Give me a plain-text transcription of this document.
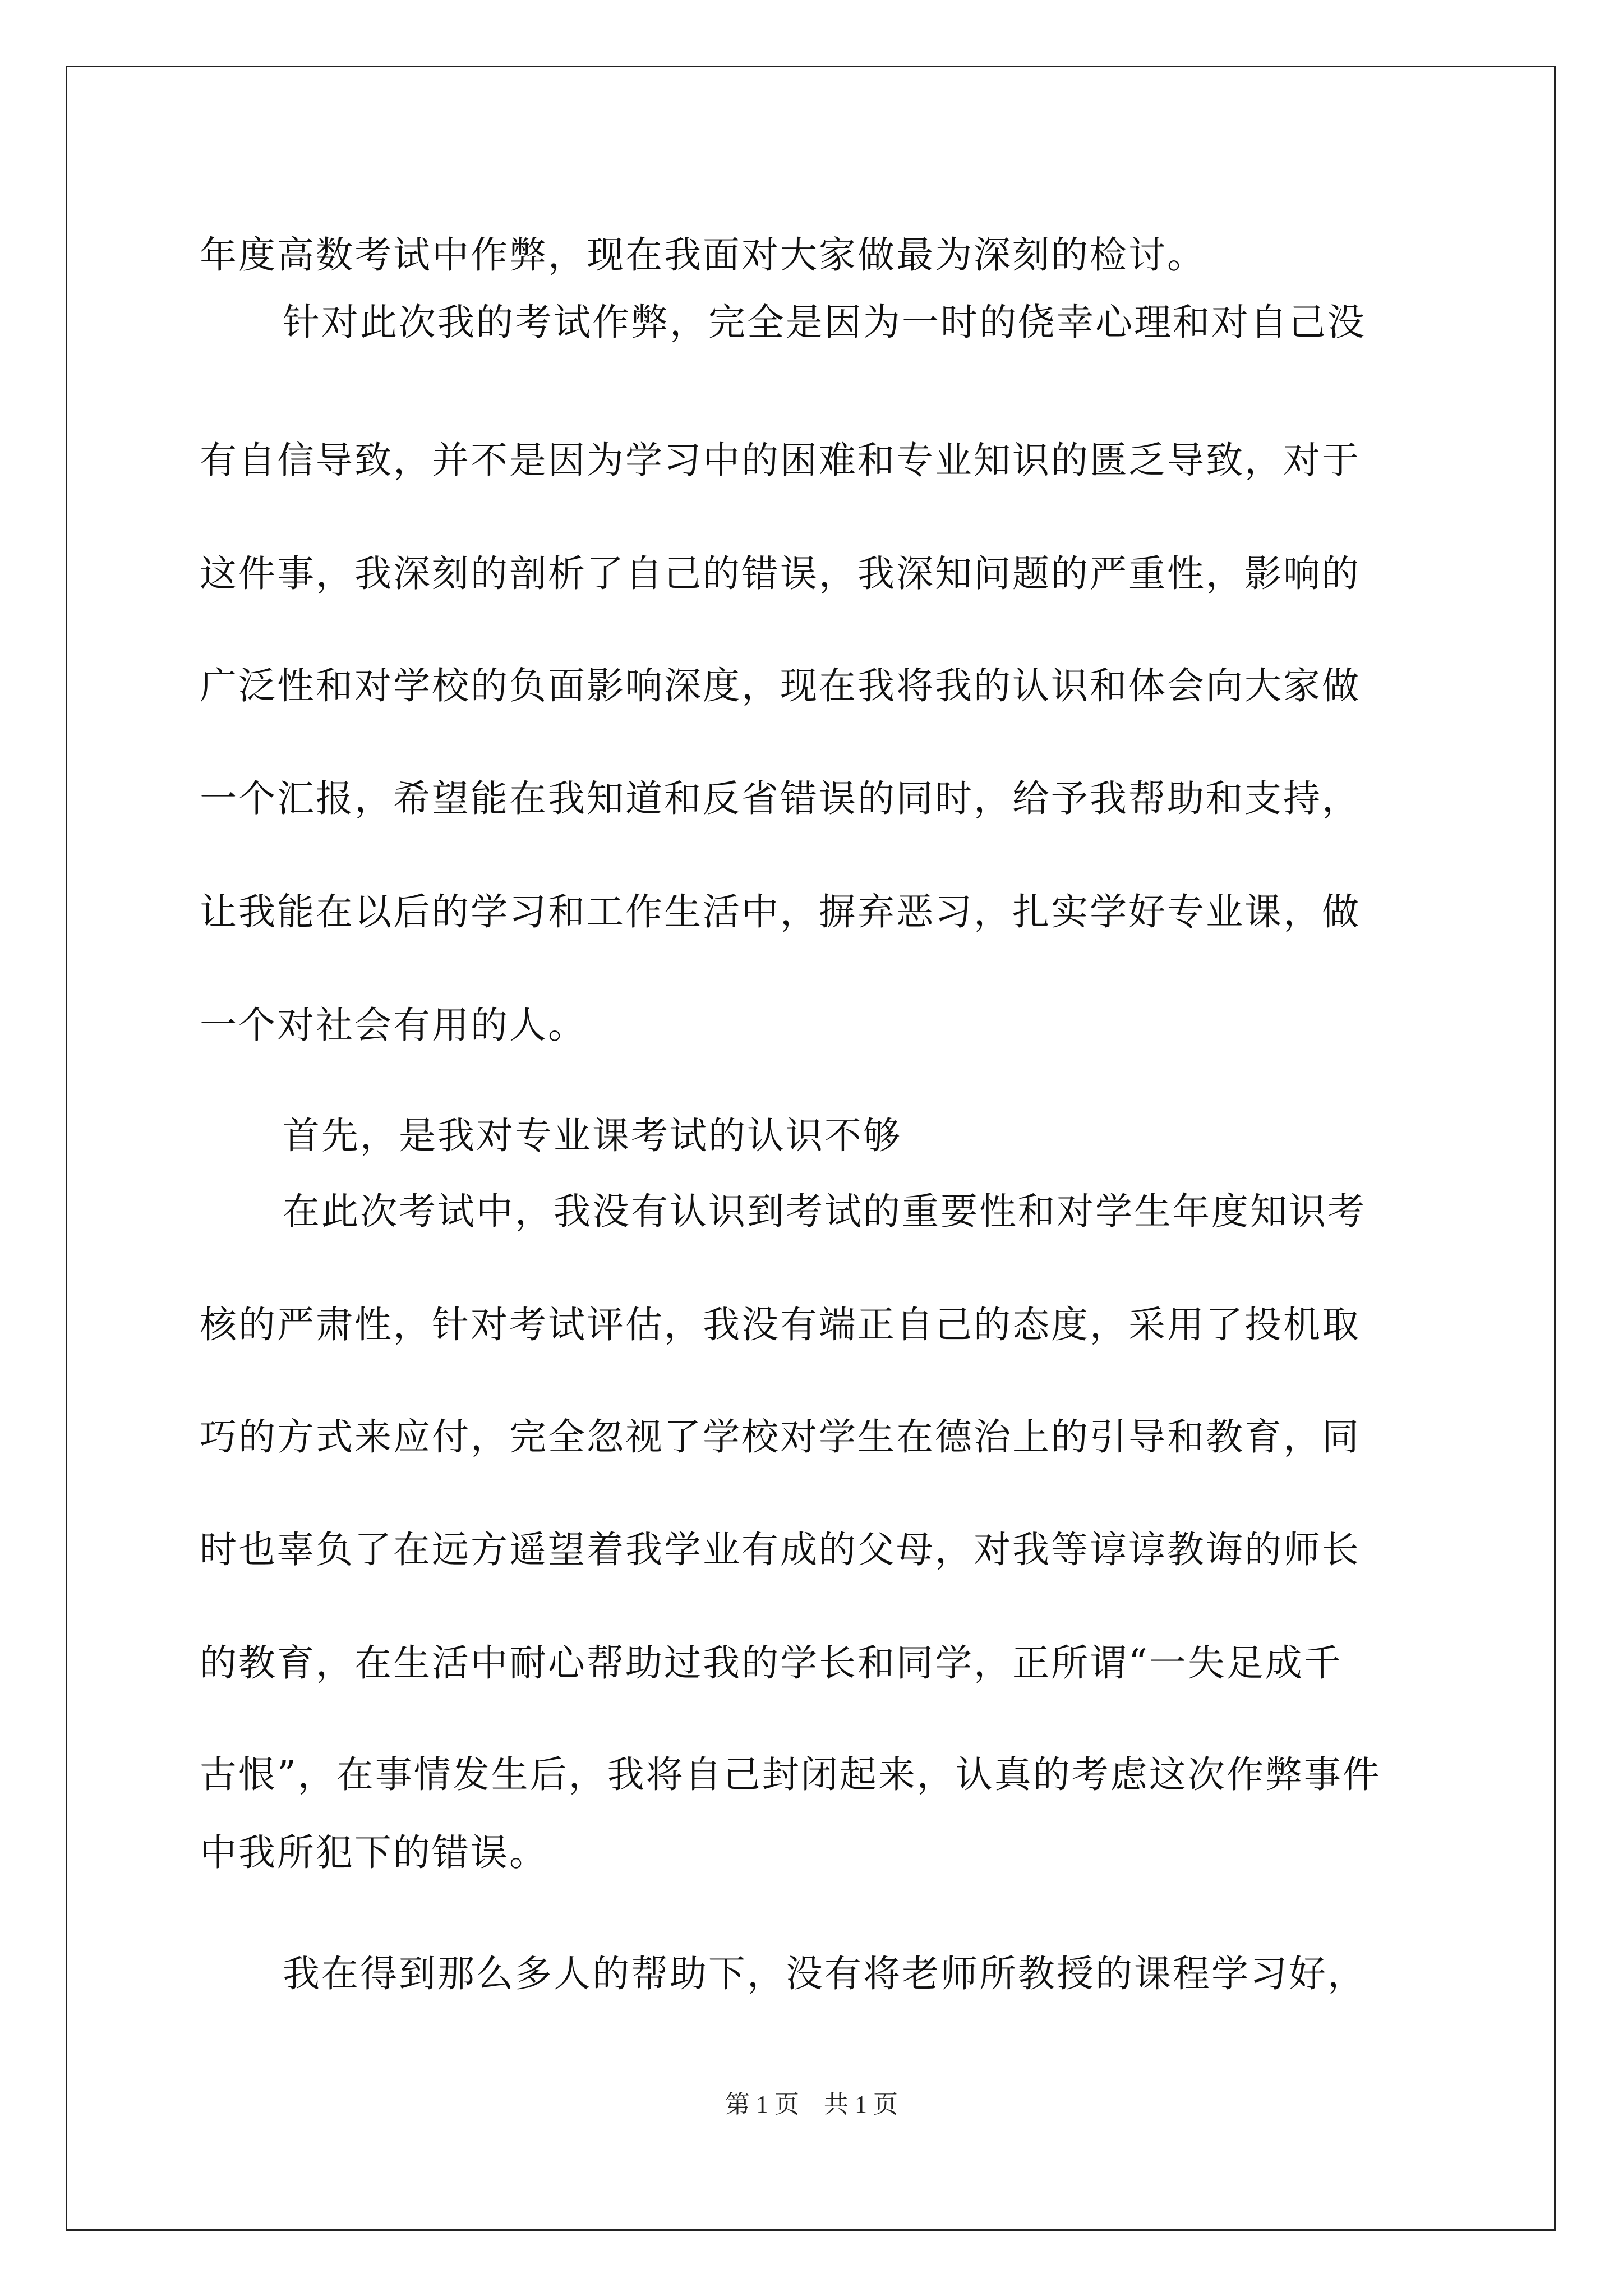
年度高数考试中作弊，现在我面对大家做最为深刻的检讨。
针对此次我的考试作弊，完全是因为一时的侥幸心理和对自己没
有自信导致，并不是因为学习中的困难和专业知识的匮乏导致，对于
这件事，我深刻的剖析了自己的错误，我深知问题的严重性，影响的
广泛性和对学校的负面影响深度，现在我将我的认识和体会向大家做
一个汇报，希望能在我知道和反省错误的同时，给予我帮助和支持，
让我能在以后的学习和工作生活中，摒弃恶习，扎实学好专业课，做
一个对社会有用的人。
首先，是我对专业课考试的认识不够
在此次考试中，我没有认识到考试的重要性和对学生年度知识考
核的严肃性，针对考试评估，我没有端正自己的态度，采用了投机取
巧的方式来应付，完全忽视了学校对学生在德治上的引导和教育，同
时也辜负了在远方遥望着我学业有成的父母，对我等谆谆教诲的师长
的教育，在生活中耐心帮助过我的学长和同学，正所谓“一失足成千
古恨”，在事情发生后，我将自己封闭起来，认真的考虑这次作弊事件
中我所犯下的错误。
我在得到那么多人的帮助下，没有将老师所教授的课程学习好，
第 1 页　共 1 页
